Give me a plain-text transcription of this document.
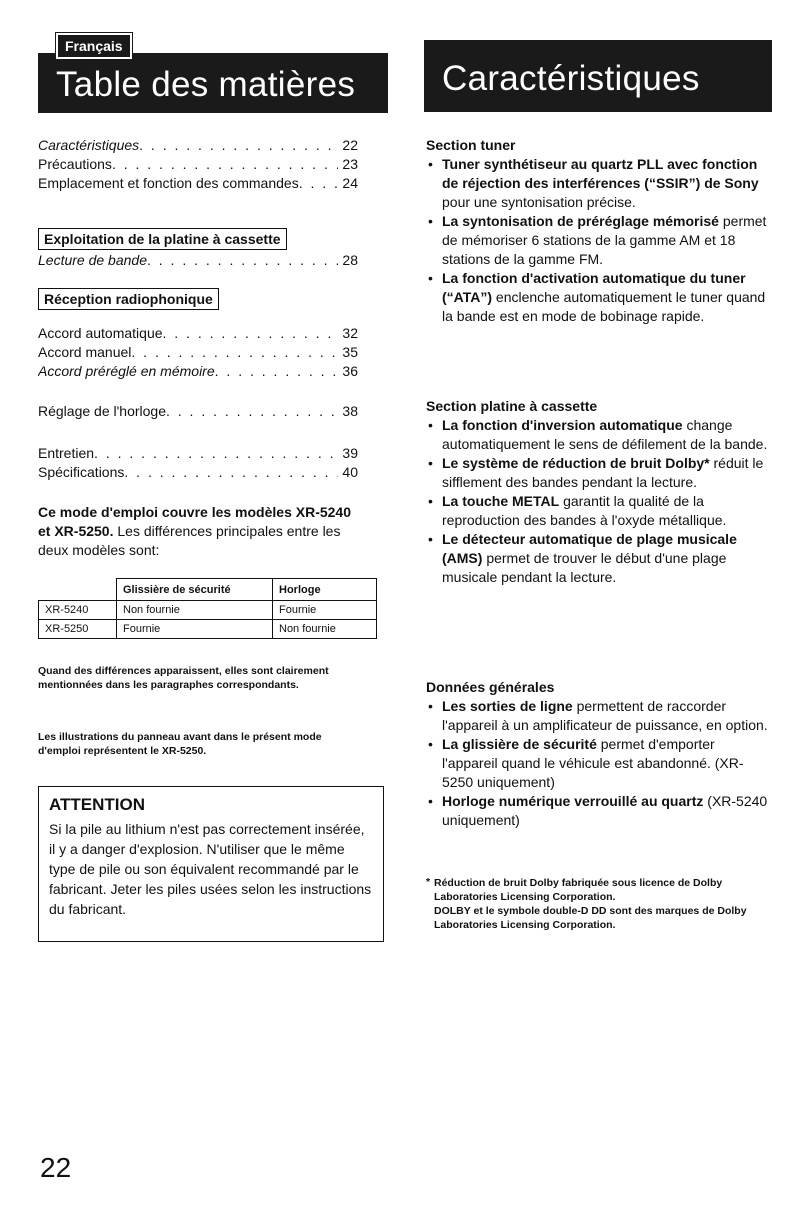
Table des matières
Français
Caractéristiques . . .	22
Précautions . . .	23
Emplacement et fonction des commandes . . .	24
Exploitation de la platine à cassette
Lecture de bande . . .	28
Réception radiophonique
Accord automatique . . .	32
Accord manuel . . .	35
Accord préréglé en mémoire . . .	36
Réglage de l'horloge . . .	38
Entretien . . .	39
Spécifications . . .	40
Ce mode d'emploi couvre les modèles XR-5240 et XR-5250. Les différences principales entre les deux modèles sont:
	Glissière de sécurité	Horloge
XR-5240	Non fournie	Fournie
XR-5250	Fournie	Non fournie
Quand des différences apparaissent, elles sont clairement mentionnées dans les paragraphes correspondants.
Les illustrations du panneau avant dans le présent mode d'emploi représentent le XR-5250.
ATTENTION
Si la pile au lithium n'est pas correctement insérée, il y a danger d'explosion. N'utiliser que le même type de pile ou son équivalent recommandé par le fabricant. Jeter les piles usées selon les instructions du fabricant.
22
Caractéristiques
Section tuner
• Tuner synthétiseur au quartz PLL avec fonction de réjection des interférences (“SSIR”) de Sony pour une syntonisation précise.
• La syntonisation de préréglage mémorisé permet de mémoriser 6 stations de la gamme AM et 18 stations de la gamme FM.
• La fonction d'activation automatique du tuner (“ATA”) enclenche automatiquement le tuner quand la bande est en mode de bobinage rapide.
Section platine à cassette
• La fonction d'inversion automatique change automatiquement le sens de défilement de la bande.
• Le système de réduction de bruit Dolby* réduit le sifflement des bandes pendant la lecture.
• La touche METAL garantit la qualité de la reproduction des bandes à l'oxyde métallique.
• Le détecteur automatique de plage musicale (AMS) permet de trouver le début d'une plage musicale pendant la lecture.
Données générales
• Les sorties de ligne permettent de raccorder l'appareil à un amplificateur de puissance, en option.
• La glissière de sécurité permet d'emporter l'appareil quand le véhicule est abandonné. (XR-5250 uniquement)
• Horloge numérique verrouillé au quartz (XR-5240 uniquement)
* Réduction de bruit Dolby fabriquée sous licence de Dolby Laboratories Licensing Corporation.
DOLBY et le symbole double-D DD sont des marques de Dolby Laboratories Licensing Corporation.
